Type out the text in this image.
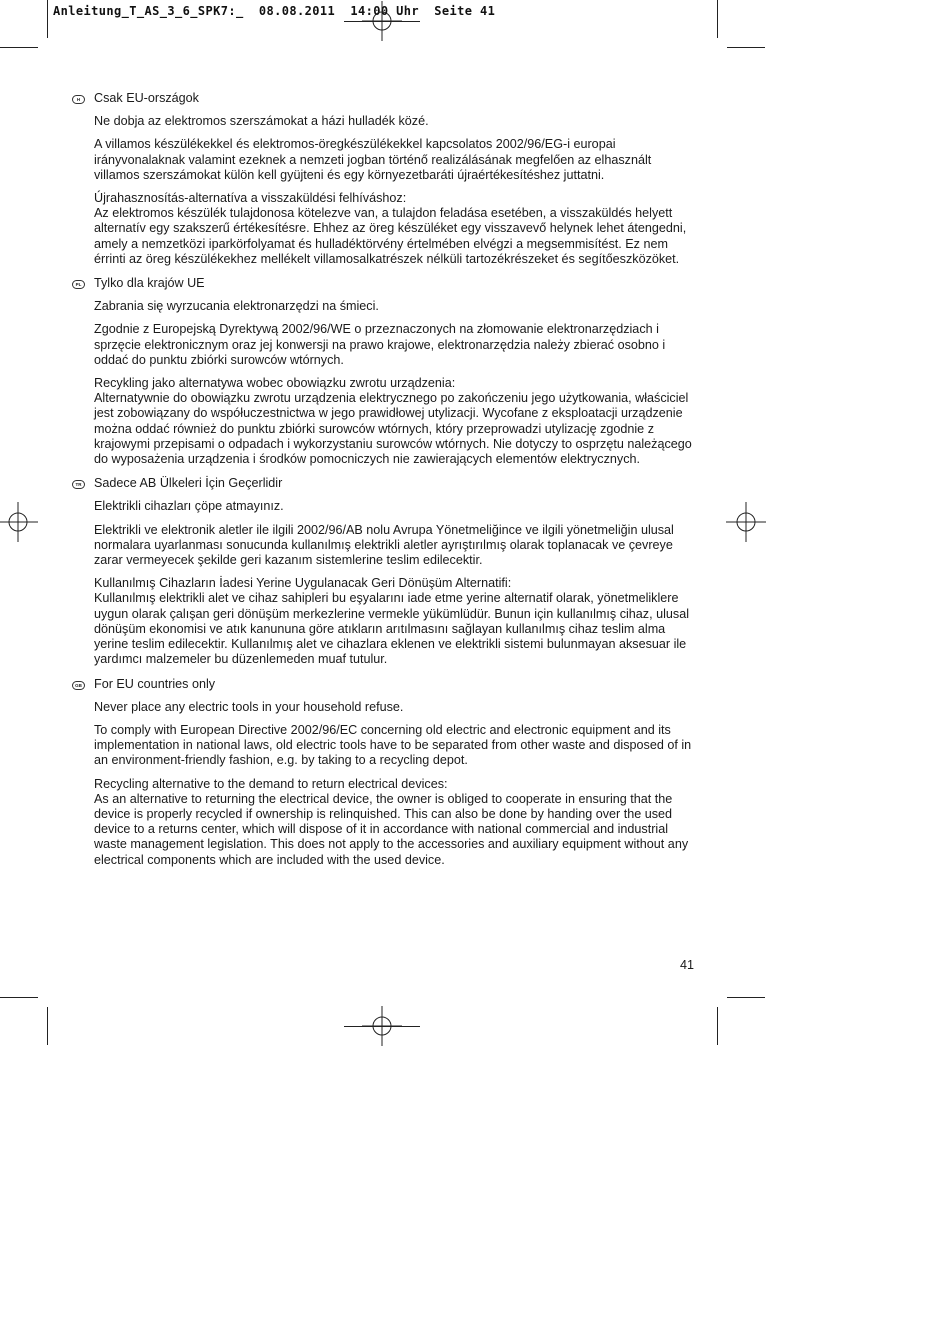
Anleitung_T_AS_3_6_SPK7:_  08.08.2011  14:00 Uhr  Seite 41
H	Csak EU-országok

Ne dobja az elektromos szerszámokat a házi hulladék közé.

A villamos készülékekkel és elektromos-öregkészülékekkel kapcsolatos 2002/96/EG-i europai irányvonalaknak valamint ezeknek a nemzeti jogban történő realizálásának megfelően az elhasznált villamos szerszámokat külön kell gyüjteni és egy környezetbaráti újraértékesítéshez juttatni.

Újrahasznosítás-alternatíva a visszaküldési felhíváshoz:

Az elektromos készülék tulajdonosa kötelezve van, a tulajdon feladása esetében, a visszaküldés helyett alternatív egy szakszerű értékesítésre. Ehhez az öreg készüléket egy visszavevő helynek lehet átengedni, amely a nemzetközi iparkörfolyamat és hulladéktörvény értelmében elvégzi a megsemmisítést. Ez nem érrinti az öreg készülékekhez mellékelt villamosalkatrészek nélküli tartozékrészeket és segítőeszközöket.

PL Tylko dla krajów UE

Zabrania się wyrzucania elektronarzędzi na śmieci.

Zgodnie z Europejską Dyrektywą 2002/96/WE o przeznaczonych na złomowanie elektronarzędziach i sprzęcie elektronicznym oraz jej konwersji na prawo krajowe, elektronarzędzia należy zbierać osobno i oddać do punktu zbiórki surowców wtórnych.

Recykling jako alternatywa wobec obowiązku zwrotu urządzenia:

Alternatywnie do obowiązku zwrotu urządzenia elektrycznego po zakończeniu jego użytkowania, właściciel jest zobowiązany do współuczestnictwa w jego prawidłowej utylizacji. Wycofane z eksploatacji urządzenie można oddać również do punktu zbiórki surowców wtórnych, który przeprowadzi utylizację zgodnie z krajowymi przepisami o odpadach i wykorzystaniu surowców wtórnych. Nie dotyczy to osprzętu należącego do wyposażenia urządzenia i środków pomocniczych nie zawierających elementów elektrycznych.

TR Sadece AB Ülkeleri İçin Geçerlidir

Elektrikli cihazları çöpe atmayınız.

Elektrikli ve elektronik aletler ile ilgili 2002/96/AB nolu Avrupa Yönetmeliğince ve ilgili yönetmeliğin ulusal normalara uyarlanması sonucunda kullanılmış elektrikli aletler ayrıştırılmış olarak toplanacak ve çevreye zarar vermeyecek şekilde geri kazanım sistemlerine teslim edilecektir.

Kullanılmış Cihazların İadesi Yerine Uygulanacak Geri Dönüşüm Alternatifi:

Kullanılmış elektrikli alet ve cihaz sahipleri bu eşyalarını iade etme yerine alternatif olarak, yönetmeliklere uygun olarak çalışan geri dönüşüm merkezlerine vermekle yükümlüdür. Bunun için kullanılmış cihaz, ulusal dönüşüm ekonomisi ve atık kanununa göre atıkların arıtılmasını sağlayan kullanılmış cihaz teslim alma yerine teslim edilecektir. Kullanılmış alet ve cihazlara eklenen ve elektrikli sistemi bulunmayan aksesuar ile yardımcı malzemeler bu düzenlemeden muaf tutulur.

GB For EU countries only

Never place any electric tools in your household refuse.

To comply with European Directive 2002/96/EC concerning old electric and electronic equipment and its implementation in national laws, old electric tools have to be separated from other waste and disposed of in an environment-friendly fashion, e.g. by taking to a recycling depot.

Recycling alternative to the demand to return electrical devices:

As an alternative to returning the electrical device, the owner is obliged to cooperate in ensuring that the device is properly recycled if ownership is relinquished. This can also be done by handing over the used device to a returns center, which will dispose of it in accordance with national commercial and industrial waste management legislation. This does not apply to the accessories and auxiliary equipment without any electrical components which are included with the used device.

41
